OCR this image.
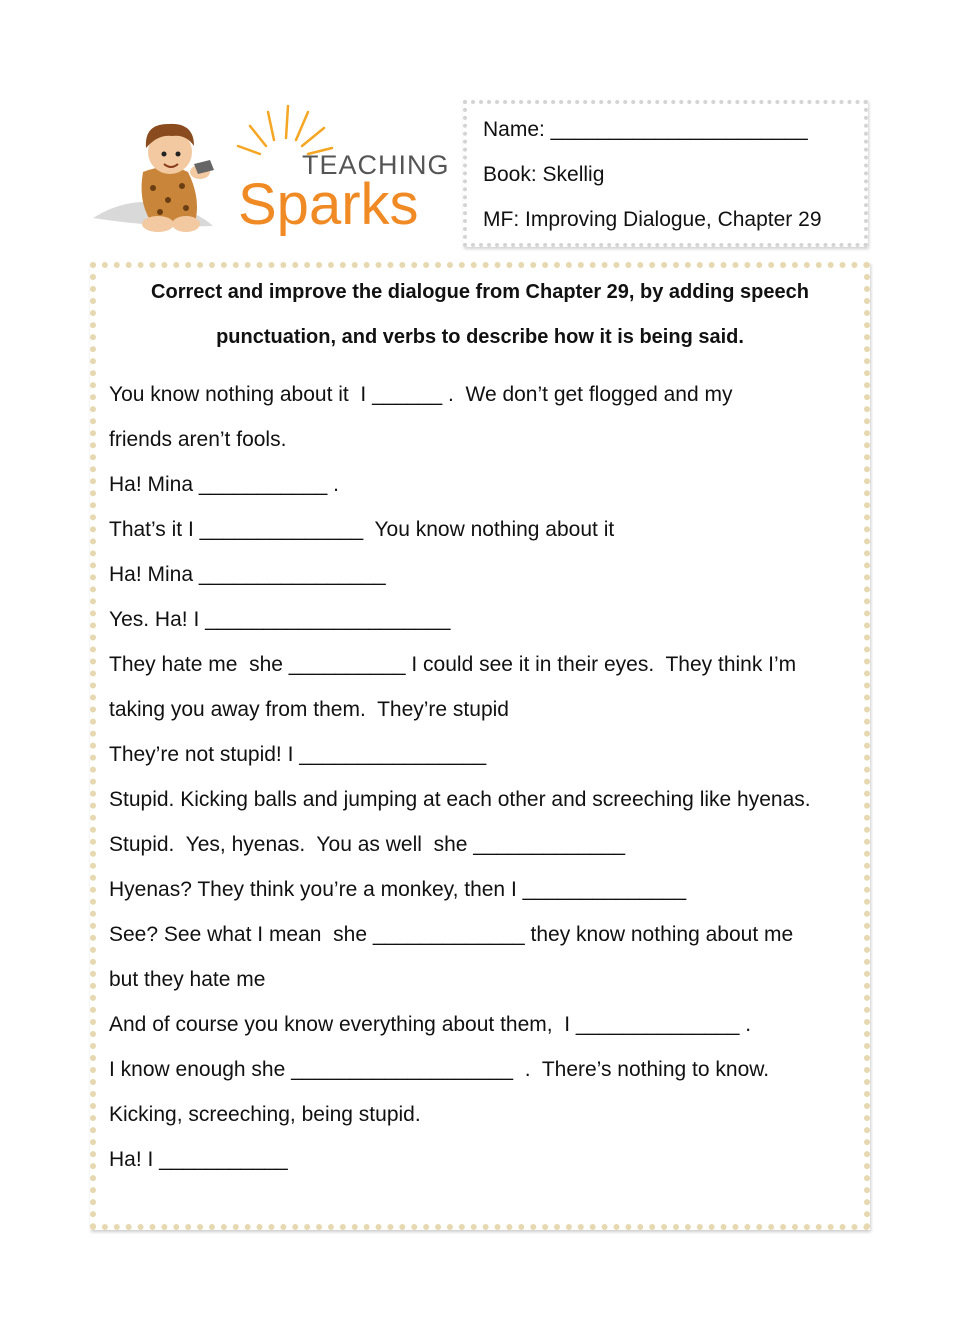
TEACHING
Sparks
Name: ______________________
Book: Skellig
MF: Improving Dialogue, Chapter 29
Correct and improve the dialogue from Chapter 29, by adding speech
punctuation, and verbs to describe how it is being said.
You know nothing about it  I ______ .  We don’t get flogged and my
friends aren’t fools.
Ha! Mina ___________ .
That’s it I ______________  You know nothing about it
Ha! Mina ________________
Yes. Ha! I _____________________
They hate me  she __________ I could see it in their eyes.  They think I’m
taking you away from them.  They’re stupid
They’re not stupid! I ________________
Stupid. Kicking balls and jumping at each other and screeching like hyenas.
Stupid.  Yes, hyenas.  You as well  she _____________
Hyenas? They think you’re a monkey, then I ______________
See? See what I mean  she _____________ they know nothing about me
but they hate me
And of course you know everything about them,  I ______________ .
I know enough she ___________________  .  There’s nothing to know.
Kicking, screeching, being stupid.
Ha! I ___________
